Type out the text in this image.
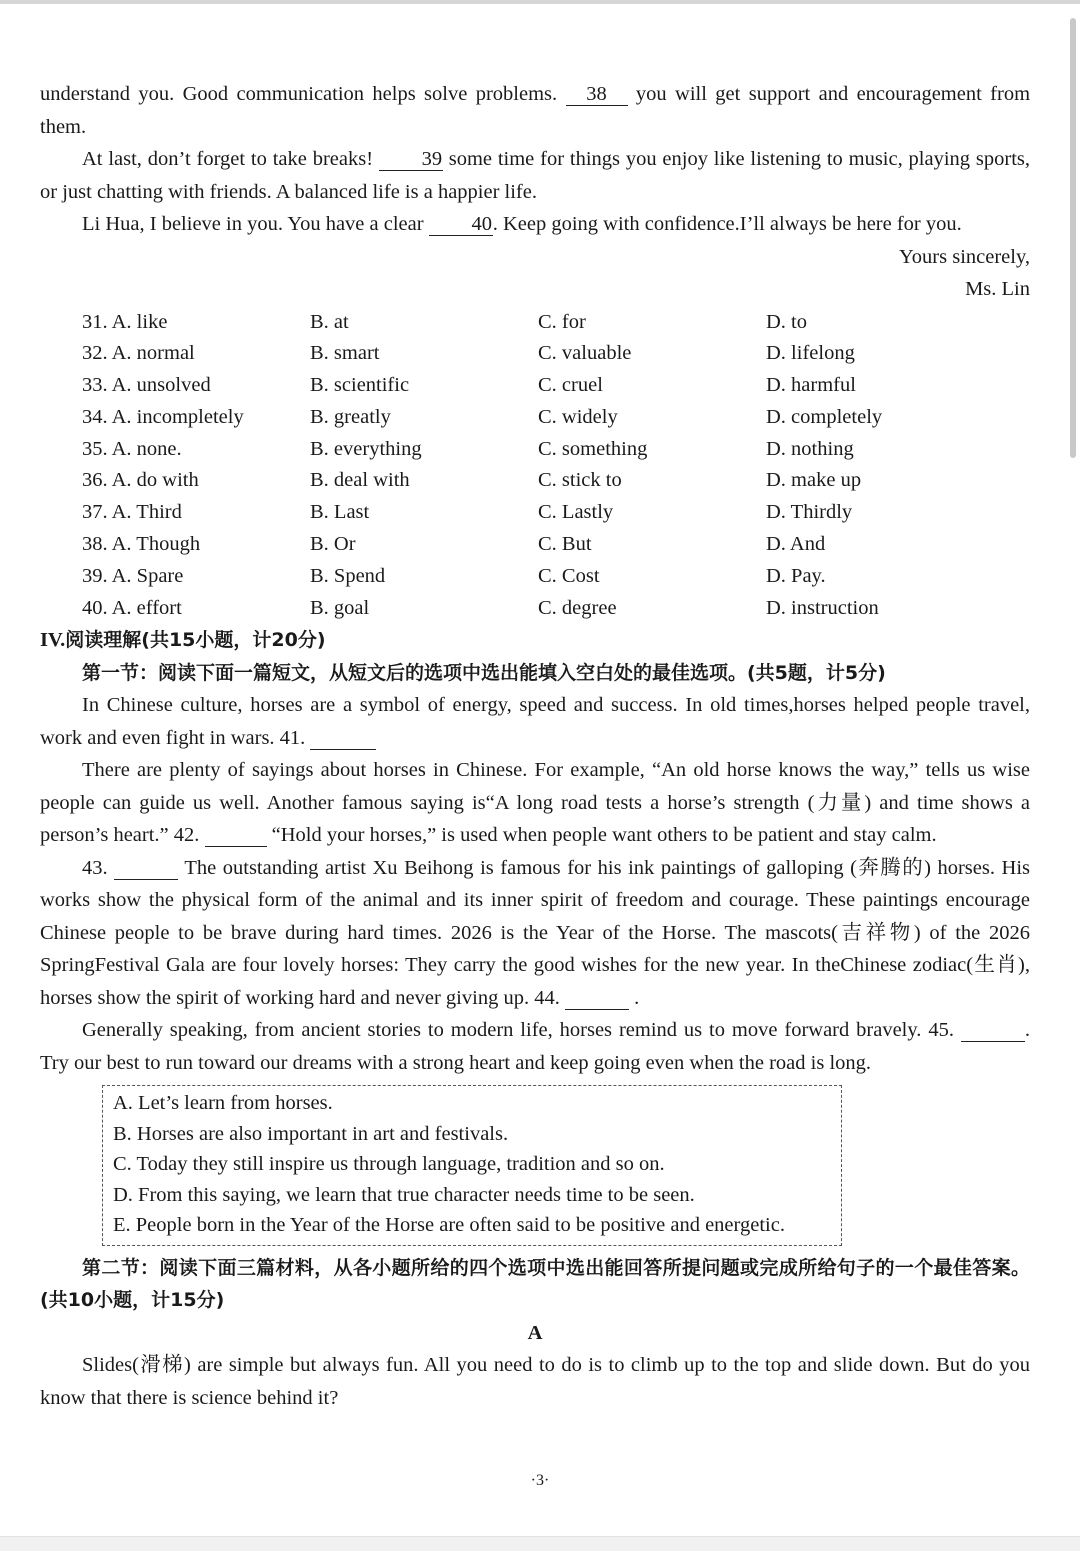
understand you. Good communication helps solve problems. 38 you will get support and encouragement from them.

At last, don’t forget to take breaks! 39 some time for things you enjoy like listening to music, playing sports, or just chatting with friends. A balanced life is a happier life.

Li Hua, I believe in you. You have a clear 40. Keep going with confidence.I’ll always be here for you.

Yours sincerely,

Ms. Lin

31. A. like	B. at	C. for	D. to
32. A. normal	B. smart	C. valuable	D. lifelong
33. A. unsolved	B. scientific	C. cruel	D. harmful
34. A. incompletely	B. greatly	C. widely	D. completely
35. A. none.	B. everything	C. something	D. nothing
36. A. do with	B. deal with	C. stick to	D. make up
37. A. Third	B. Last	C. Lastly	D. Thirdly
38. A. Though	B. Or	C. But	D. And
39. A. Spare	B. Spend	C. Cost	D. Pay.
40. A. effort	B. goal	C. degree	D. instruction

IV.阅读理解(共15小题，计20分)

第一节：阅读下面一篇短文，从短文后的选项中选出能填入空白处的最佳选项。(共5题，计5分)

In Chinese culture, horses are a symbol of energy, speed and success. In old times,horses helped people travel, work and even fight in wars. 41.

There are plenty of sayings about horses in Chinese. For example, “An old horse knows the way,” tells us wise people can guide us well. Another famous saying is“A long road tests a horse’s strength (力量) and time shows a person’s heart.” 42.	“Hold your horses,” is used when people want others to be patient and stay calm.

43.	The outstanding artist Xu Beihong is famous for his ink paintings of galloping (奔腾的) horses. His works show the physical form of the animal and its inner spirit of freedom and courage. These paintings encourage Chinese people to be brave during hard times. 2026 is the Year of the Horse. The mascots(吉祥物) of the 2026 SpringFestival Gala are four lovely horses: They carry the good wishes for the new year. In theChinese zodiac(生肖), horses show the spirit of working hard and never giving up. 44.	.

Generally speaking, from ancient stories to modern life, horses remind us to move forward bravely. 45.	. Try our best to run toward our dreams with a strong heart and keep going even when the road is long.

A. Let’s learn from horses.

B. Horses are also important in art and festivals.

C. Today they still inspire us through language, tradition and so on.

D. From this saying, we learn that true character needs time to be seen.

E. People born in the Year of the Horse are often said to be positive and energetic.

第二节：阅读下面三篇材料，从各小题所给的四个选项中选出能回答所提问题或完成所给句子的一个最佳答案。(共10小题，计15分)

A

Slides(滑梯) are simple but always fun. All you need to do is to climb up to the top and slide down. But do you know that there is science behind it?

·3·
